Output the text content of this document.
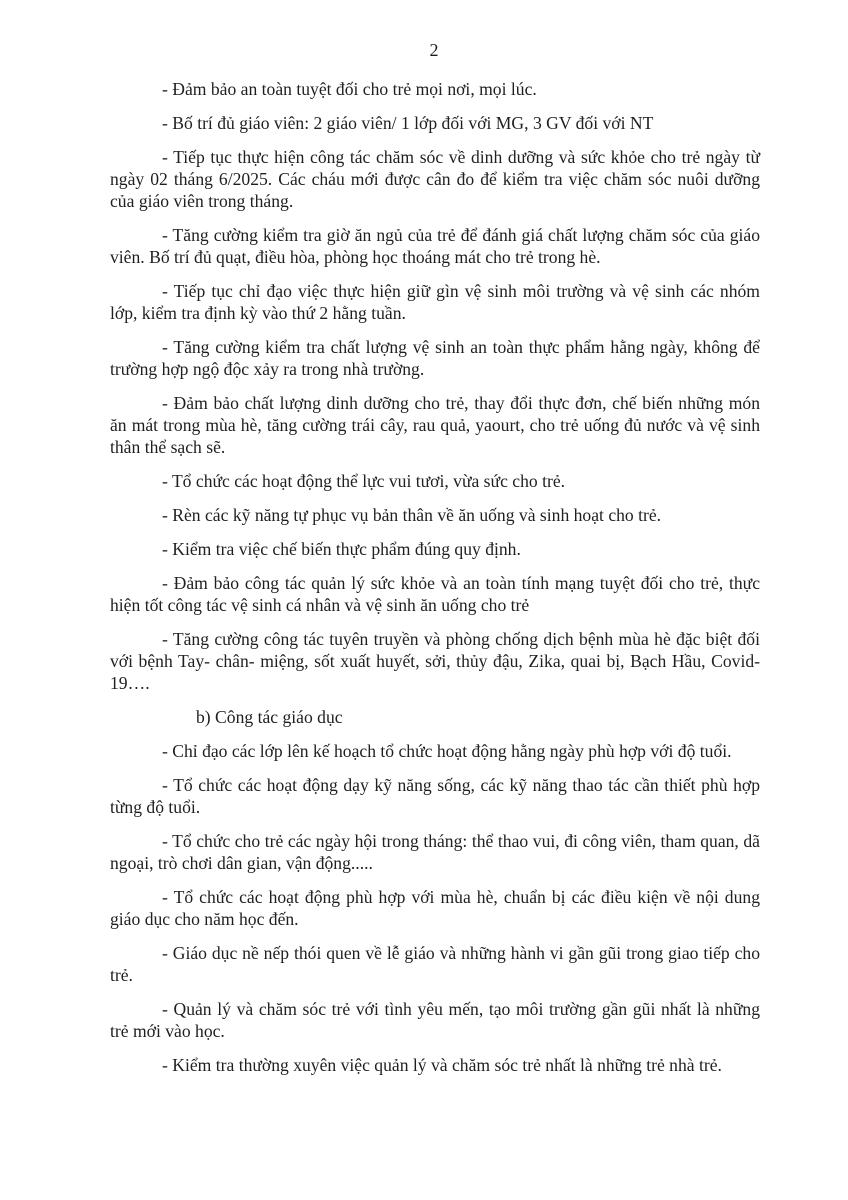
2

- Đảm bảo an toàn tuyệt đối cho trẻ mọi nơi, mọi lúc.

- Bố trí đủ giáo viên: 2 giáo viên/ 1 lớp đối với MG, 3 GV đối với NT

- Tiếp tục thực hiện công tác chăm sóc về dinh dưỡng và sức khỏe cho trẻ ngày từ ngày 02 tháng 6/2025. Các cháu mới được cân đo để kiểm tra việc chăm sóc nuôi dưỡng của giáo viên trong tháng.

- Tăng cường kiểm tra giờ ăn ngủ của trẻ để đánh giá chất lượng chăm sóc của giáo viên. Bố trí đủ quạt, điều hòa, phòng học thoáng mát cho trẻ trong hè.

- Tiếp tục chỉ đạo việc thực hiện giữ gìn vệ sinh môi trường và vệ sinh các nhóm lớp, kiểm tra định kỳ vào thứ 2 hằng tuần.

- Tăng cường kiểm tra chất lượng vệ sinh an toàn thực phẩm hằng ngày, không để trường hợp ngộ độc xảy ra trong nhà trường.

- Đảm bảo chất lượng dinh dưỡng cho trẻ, thay đổi thực đơn, chế biến những món ăn mát trong mùa hè, tăng cường trái cây, rau quả, yaourt, cho trẻ uống đủ nước và vệ sinh thân thể sạch sẽ.

- Tổ chức các hoạt động thể lực vui tươi, vừa sức cho trẻ.

- Rèn các kỹ năng tự phục vụ bản thân về ăn uống và sinh hoạt cho trẻ.

- Kiểm tra việc chế biến thực phẩm đúng quy định.

- Đảm bảo công tác quản lý sức khỏe và an toàn tính mạng tuyệt đối cho trẻ, thực hiện tốt công tác vệ sinh cá nhân và vệ sinh ăn uống cho trẻ

- Tăng cường công tác tuyên truyền và phòng chống dịch bệnh mùa hè đặc biệt đối với bệnh Tay- chân- miệng, sốt xuất huyết, sởi, thủy đậu, Zika, quai bị, Bạch Hầu, Covid-19….

b) Công tác giáo dục

- Chỉ đạo các lớp lên kế hoạch tổ chức hoạt động hằng ngày phù hợp với độ tuổi.

- Tổ chức các hoạt động dạy kỹ năng sống, các kỹ năng thao tác cần thiết phù hợp từng độ tuổi.

- Tổ chức cho trẻ các ngày hội trong tháng: thể thao vui, đi công viên, tham quan, dã ngoại, trò chơi dân gian, vận động.....

- Tổ chức các hoạt động phù hợp với mùa hè, chuẩn bị các điều kiện về nội dung giáo dục cho năm học đến.

- Giáo dục nề nếp thói quen về lễ giáo và những hành vi gần gũi trong giao tiếp cho trẻ.

- Quản lý và chăm sóc trẻ với tình yêu mến, tạo môi trường gần gũi nhất là những trẻ mới vào học.

- Kiểm tra thường xuyên việc quản lý và chăm sóc trẻ nhất là những trẻ nhà trẻ.
